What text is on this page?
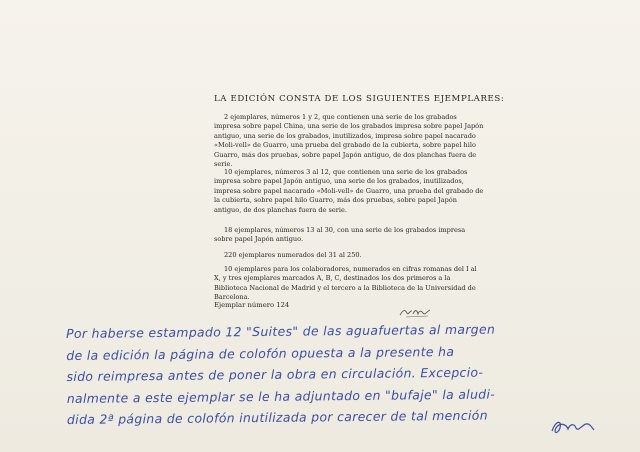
LA EDICIÓN CONSTA DE LOS SIGUIENTES EJEMPLARES:

2 ejemplares, números 1 y 2, que contienen una serie de los grabados impresa sobre papel China, una serie de los grabados impresa sobre papel Japón antiguo, una serie de los grabados, inutilizados, impresa sobre papel nacarado «Moli-vell» de Guarro, una prueba del grabado de la cubierta, sobre papel hilo Guarro, más dos pruebas, sobre papel Japón antiguo, de dos planchas fuera de serie.

10 ejemplares, números 3 al 12, que contienen una serie de los grabados impresa sobre papel Japón antiguo, una serie de los grabados, inutilizados, impresa sobre papel nacarado «Moli-vell» de Guarro, una prueba del grabado de la cubierta, sobre papel hilo Guarro, más dos pruebas, sobre papel Japón antiguo, de dos planchas fuera de serie.

18 ejemplares, números 13 al 30, con una serie de los grabados impresa sobre papel Japón antiguo.

220 ejemplares numerados del 31 al 250.

10 ejemplares para los colaboradores, numerados en cifras romanas del I al X, y tres ejemplares marcados A, B, C, destinados los dos primeros a la Biblioteca Nacional de Madrid y el tercero a la Biblioteca de la Universidad de Barcelona.

Ejemplar número 124
Por haberse estampado 12 "Suites" de las aguafuertas al margen
de la edición la página de colofón opuesta a la presente ha
sido reimpresa antes de poner la obra en circulación. Excepcio-
nalmente a este ejemplar se le ha adjuntado en "bufaje" la aludi-
dida 2ª página de colofón inutilizada por carecer de tal mención
